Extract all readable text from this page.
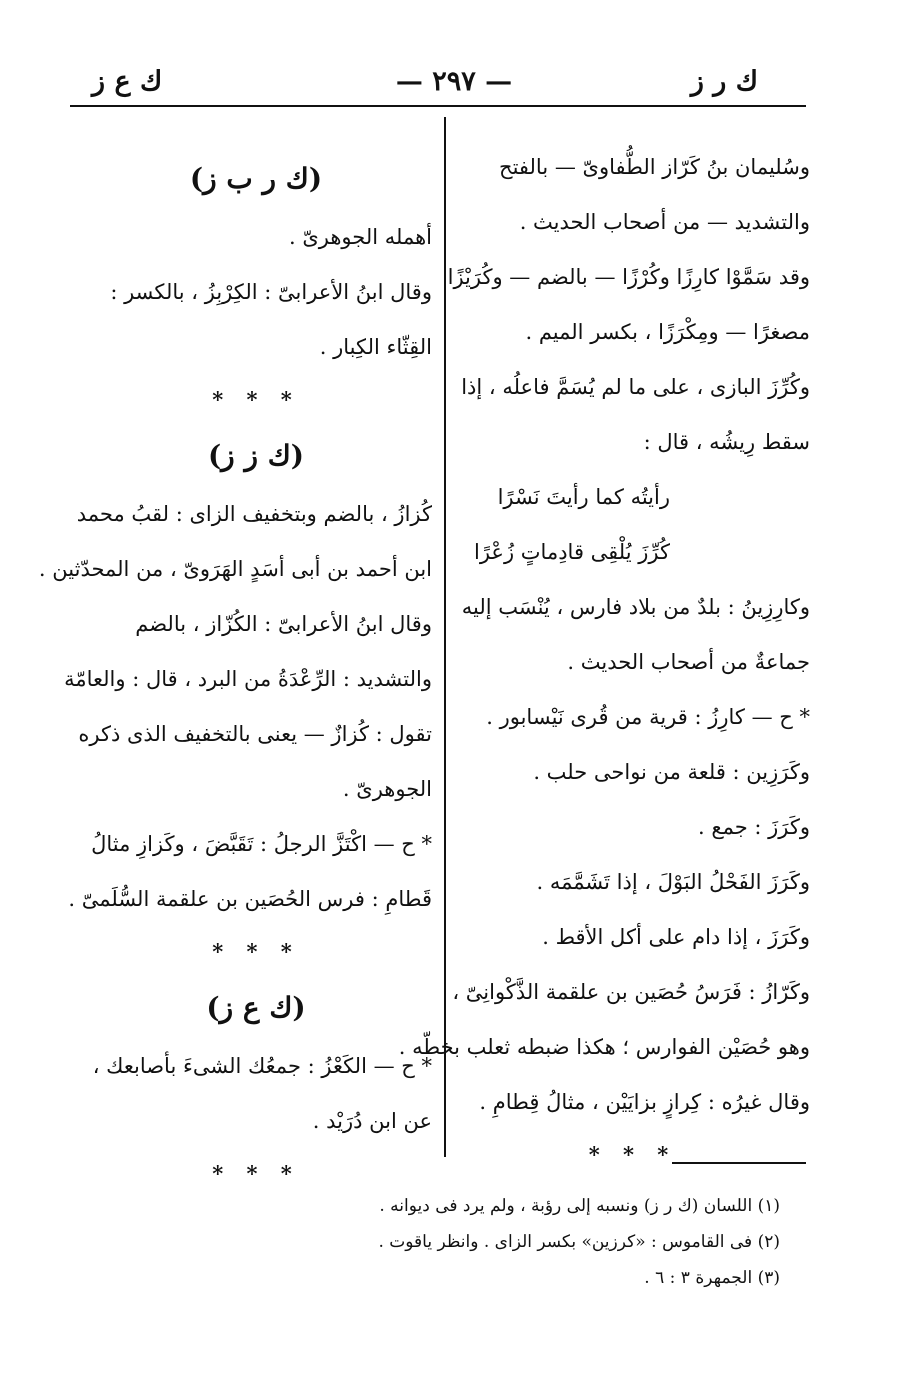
ك ر ز
— ٢٩٧ —
ك ع ز
وسُليمان بنُ كَرّاز الطُّفاوىّ — بالفتح
والتشديد — من أصحاب الحديث .
وقد سَمَّوْا كارِزًا وكُرْزًا — بالضم — وكُرَيْزًا
مصغرًا — ومِكْرَزًا ، بكسر الميم .
وكُرِّزَ البازى ، على ما لم يُسَمَّ فاعلُه ، إذا
سقط رِيشُه ، قال :
رأيتُه كما رأيتَ نَسْرًا
كُرِّزَ يُلْقِى قادِماتٍ زُعْرًا
وكارِزِينُ : بلدٌ من بلاد فارس ، يُنْسَب إليه
جماعةٌ من أصحاب الحديث .
* ح — كارِزُ : قرية من قُرى نَيْسابور .
وكَرَزِين : قلعة من نواحى حلب .
وكَرَزَ : جمع .
وكَرَزَ الفَحْلُ البَوْلَ ، إذا تَشَمَّمَه .
وكَرَزَ ، إذا دام على أكل الأقط .
وكَرّازُ : فَرَسُ حُصَين بن علقمة الذَّكْوانِىّ ،
وهو حُصَيْن الفوارس ؛ هكذا ضبطه ثعلب بخطّه .
وقال غيرُه : كِرازٍ بزايَيْن ، مثالُ قِطامِ .
* * *
(ك ر ب ز)
أهمله الجوهرىّ .
وقال ابنُ الأعرابىّ : الكِرْبِزُ ، بالكسر :
القِثّاء الكِبار .
* * *
(ك ز ز)
كُزازُ ، بالضم وبتخفيف الزاى : لقبُ محمد
ابن أحمد بن أبى أسَدٍ الهَرَوىّ ، من المحدّثين .
وقال ابنُ الأعرابىّ : الكُزّاز ، بالضم
والتشديد : الرِّعْدَةُ من البرد ، قال : والعامّة
تقول : كُزازٌ — يعنى بالتخفيف الذى ذكره
الجوهرىّ .
* ح — اكْتَزَّ الرجلُ : تَقَبَّضَ ، وكَزازِ مثالُ
قَطامِ : فرس الحُصَين بن علقمة السُّلَمىّ .
* * *
(ك ع ز)
* ح — الكَعْزُ : جمعُك الشىءَ بأصابعك ،
عن ابن دُرَيْد .
* * *
(١) اللسان (ك ر ز) ونسبه إلى رؤبة ، ولم يرد فى ديوانه .
(٢) فى القاموس : «كرزين» بكسر الزاى . وانظر ياقوت .
(٣) الجمهرة ٣ : ٦ .
